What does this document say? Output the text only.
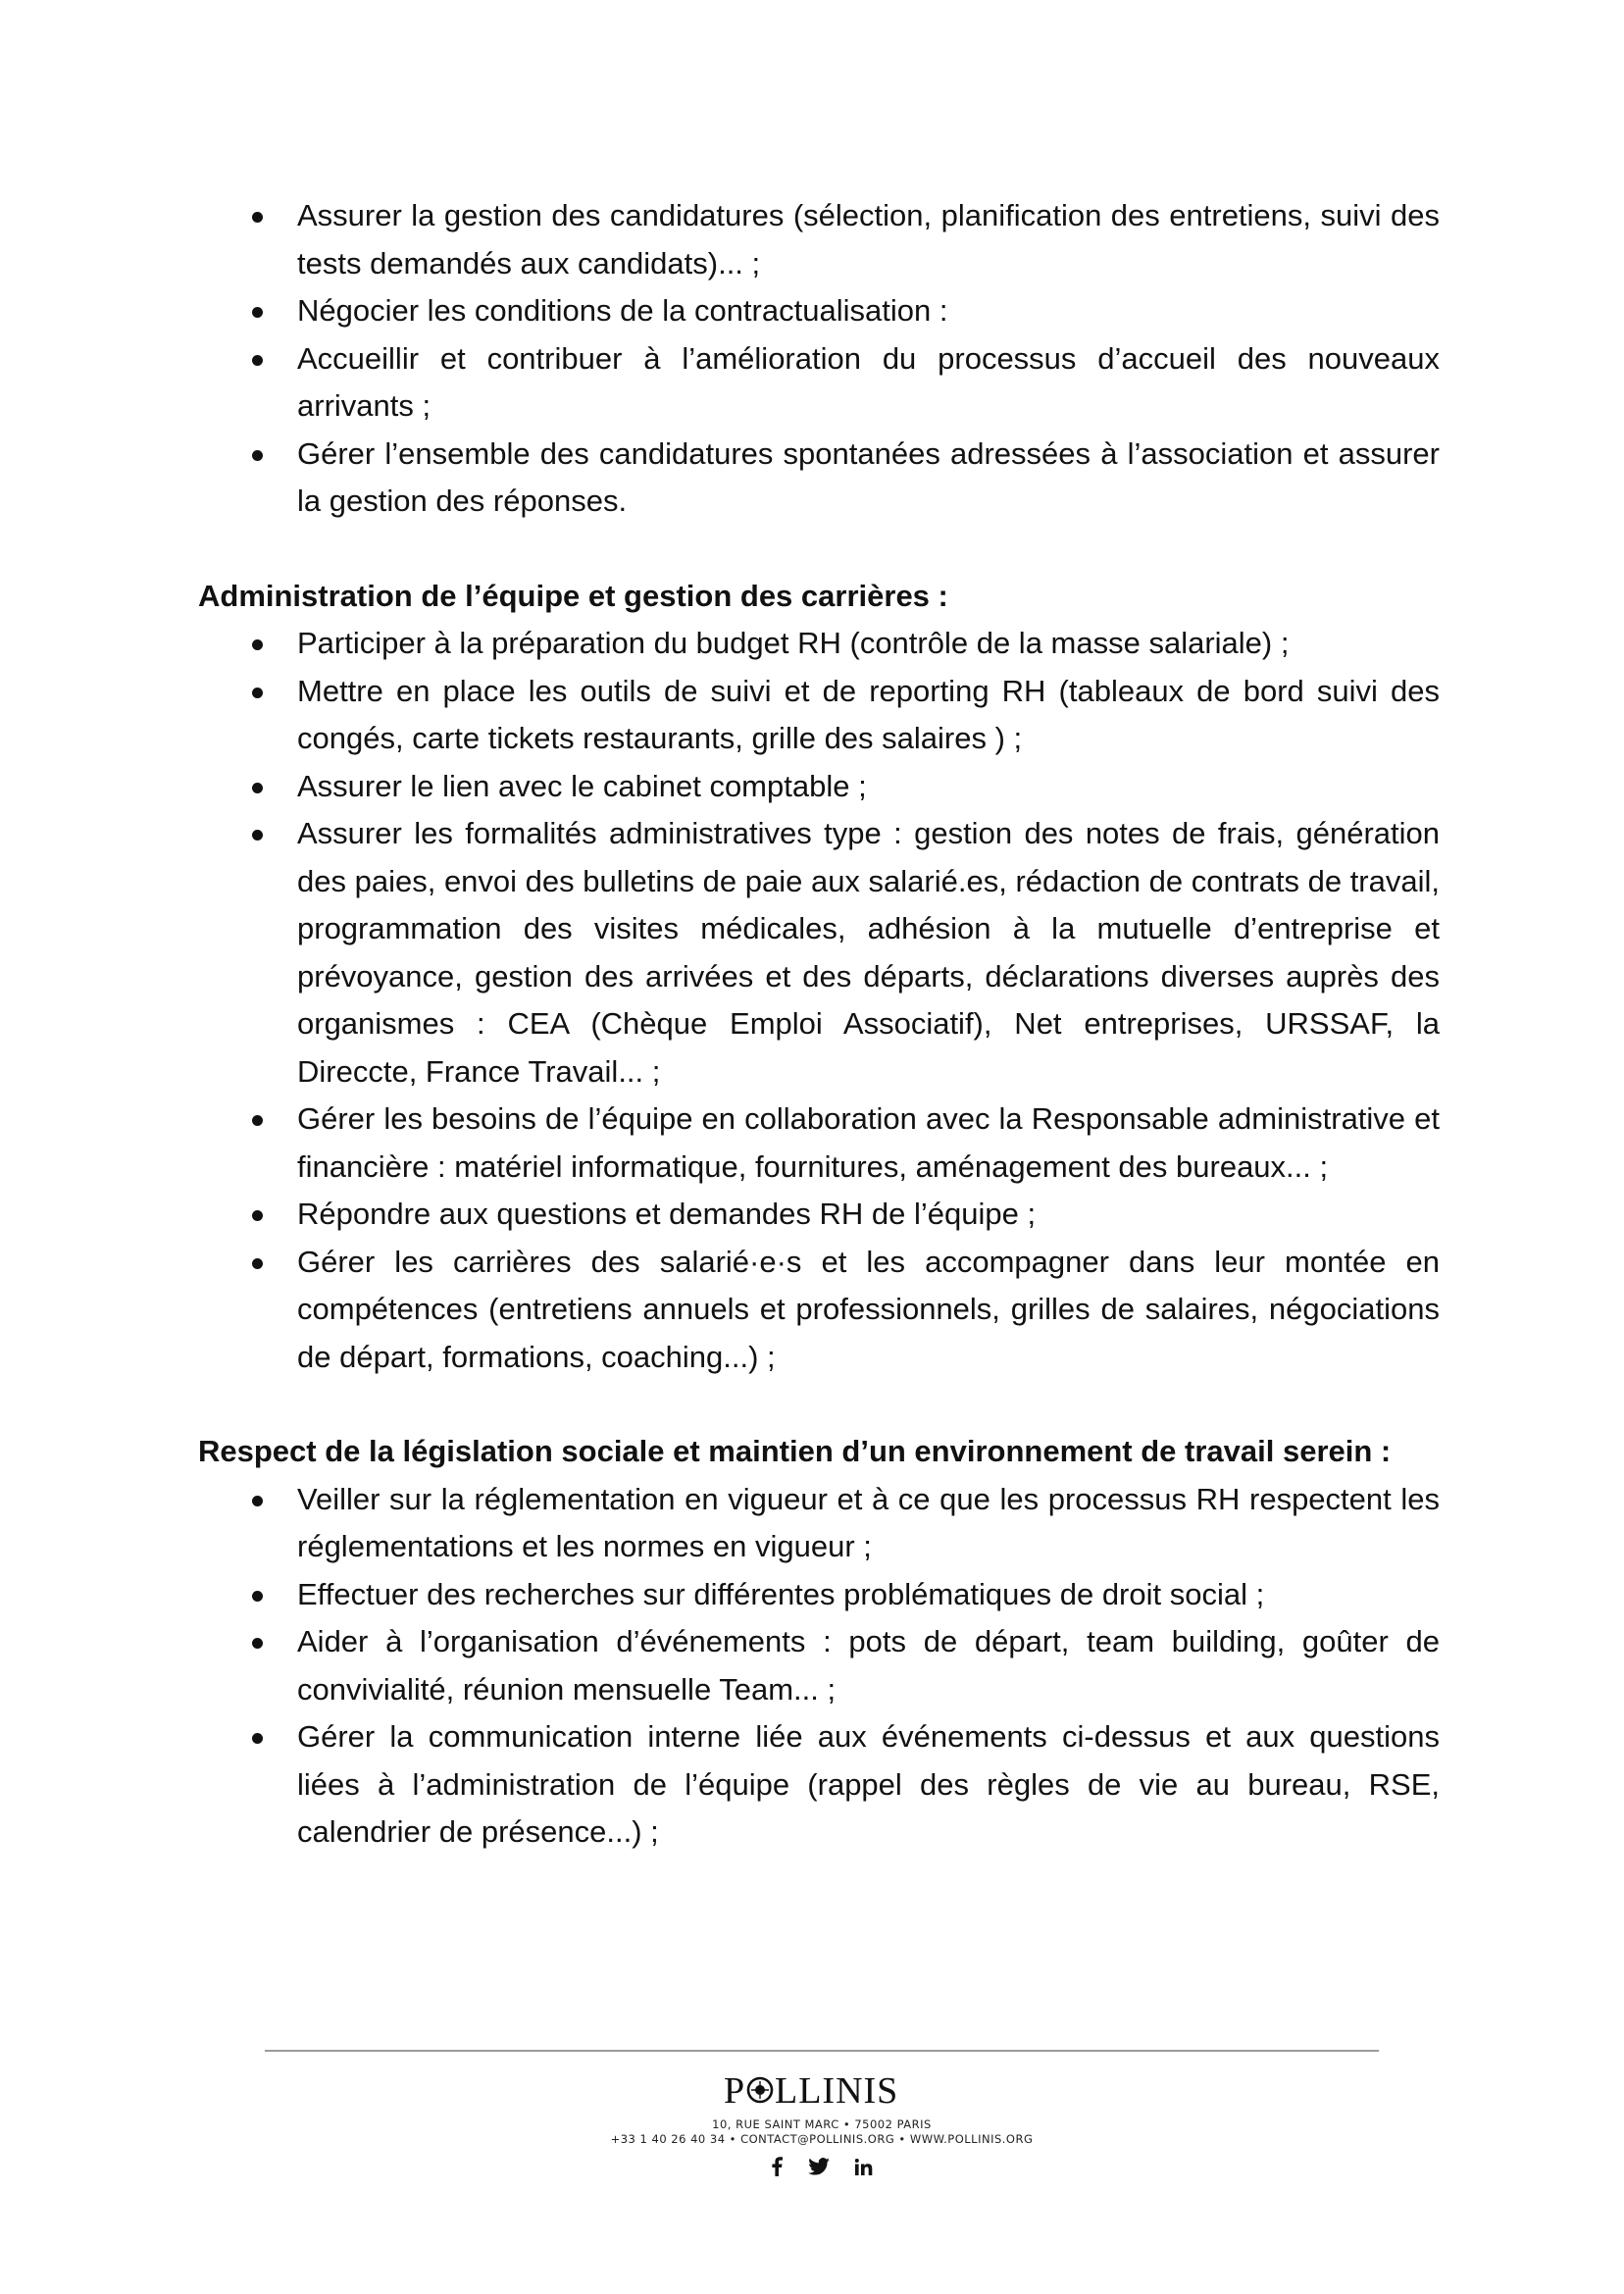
Assurer la gestion des candidatures (sélection, planification des entretiens, suivi des tests demandés aux candidats)... ;
Négocier les conditions de la contractualisation :
Accueillir et contribuer à l’amélioration du processus d’accueil des nouveaux arrivants ;
Gérer l’ensemble des candidatures spontanées adressées à l’association et assurer la gestion des réponses.
Administration de l’équipe et gestion des carrières :
Participer à la préparation du budget RH (contrôle de la masse salariale) ;
Mettre en place les outils de suivi et de reporting RH (tableaux de bord suivi des congés, carte tickets restaurants, grille des salaires ) ;
Assurer le lien avec le cabinet comptable ;
Assurer les formalités administratives type : gestion des notes de frais, génération des paies, envoi des bulletins de paie aux salarié.es, rédaction de contrats de travail, programmation des visites médicales, adhésion à la mutuelle d’entreprise et prévoyance, gestion des arrivées et des départs, déclarations diverses auprès des organismes : CEA (Chèque Emploi Associatif), Net entreprises, URSSAF, la Direccte, France Travail... ;
Gérer les besoins de l’équipe en collaboration avec la Responsable administrative et financière : matériel informatique, fournitures, aménagement des bureaux... ;
Répondre aux questions et demandes RH de l’équipe ;
Gérer les carrières des salarié·e·s et les accompagner dans leur montée en compétences (entretiens annuels et professionnels, grilles de salaires, négociations de départ, formations, coaching...) ;
Respect de la législation sociale et maintien d’un environnement de travail serein :
Veiller sur la réglementation en vigueur et à ce que les processus RH respectent les réglementations et les normes en vigueur ;
Effectuer des recherches sur différentes problématiques de droit social ;
Aider à l’organisation d’événements : pots de départ, team building, goûter de convivialité, réunion mensuelle Team... ;
Gérer la communication interne liée aux événements ci-dessus et aux questions liées à l’administration de l’équipe (rappel des règles de vie au bureau, RSE, calendrier de présence...) ;
P LLINIS
10, RUE SAINT MARC • 75002 PARIS
+33 1 40 26 40 34 • CONTACT@POLLINIS.ORG • WWW.POLLINIS.ORG
